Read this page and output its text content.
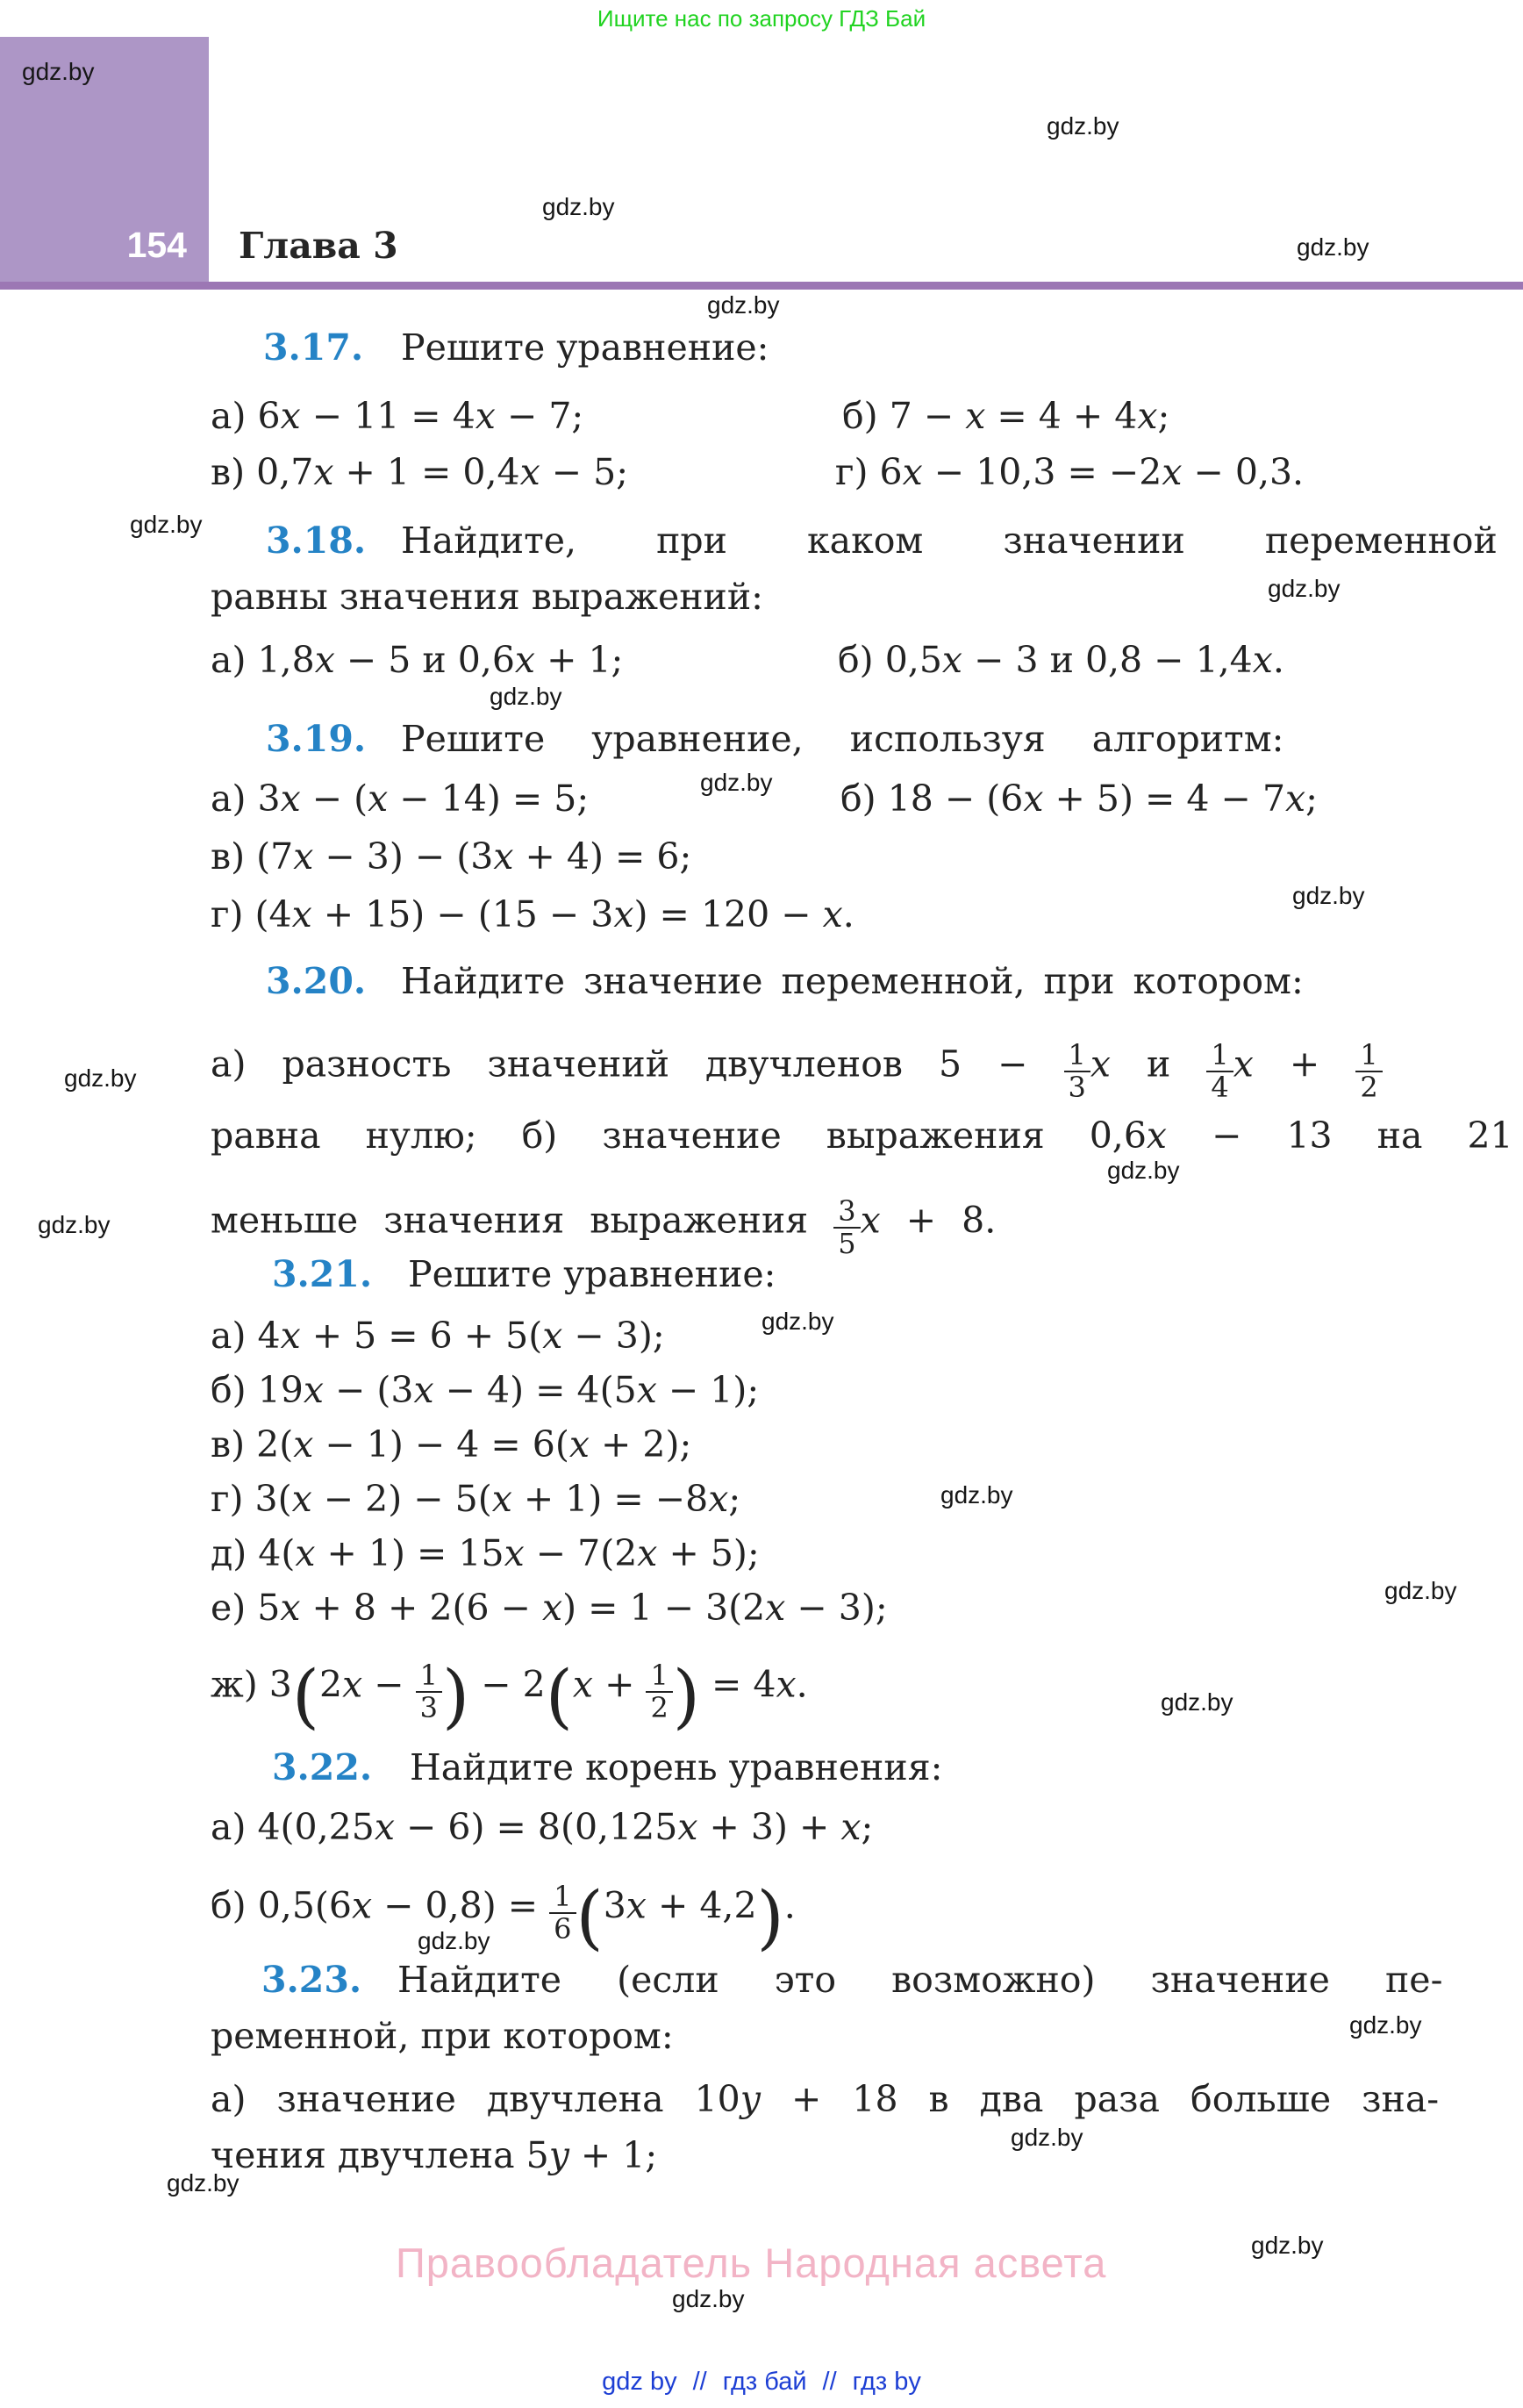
Ищите нас по запросу ГДЗ Бай
154 Глава 3
3.17. Решите уравнение:
а) 6x − 11 = 4x − 7;	б) 7 − x = 4 + 4x;
в) 0,7x + 1 = 0,4x − 5;	г) 6x − 10,3 = −2x − 0,3.
3.18. Найдите, при каком значении переменной
равны значения выражений:
а) 1,8x − 5 и 0,6x + 1;	б) 0,5x − 3 и 0,8 − 1,4x.
3.19. Решите уравнение, используя алгоритм:
а) 3x − (x − 14) = 5;	б) 18 − (6x + 5) = 4 − 7x;
в) (7x − 3) − (3x + 4) = 6;
г) (4x + 15) − (15 − 3x) = 120 − x.
3.20. Найдите значение переменной, при котором:
а) разность значений двучленов $5 - \frac{1}{3}$ x и $\frac{1}{4}$ $x + \frac{1}{2}$
равна нулю; б) значение выражения 0,6x − 13 на 21
меньше значения выражения $\frac{3}{5}$ x + 8.
3.21. Решите уравнение:
а) 4x + 5 = 6 + 5(x − 3);
б) 19x − (3x − 4) = 4(5x − 1);
в) 2(x − 1) − 4 = 6(x + 2);
г) 3(x − 2) − 5(x + 1) = −8x;
д) 4(x + 1) = 15x − 7(2x + 5);
е) 5x + 8 + 2(6 − x) = 1 − 3(2x − 3);
ж) $3(2x - \frac{1}{3}$ ) − $2(x + \frac{1}{2}$ ) = 4x.
3.22. Найдите корень уравнения:
а) 4(0,25x − 6) = 8(0,125x + 3) + x;
б) $0,5(6x - 0,8) = \frac{1}{6} (3x + 4,2)$.
3.23. Найдите (если это возможно) значение пе-
ременной, при котором:
а) значение двучлена 10y + 18 в два раза больше зна-
чения двучлена 5y + 1;
gdz.by
gdz.by
gdz.by
gdz.by
gdz.by
gdz.by
gdz.by
gdz.by
gdz.by
gdz.by
gdz.by
gdz.by
gdz.by
gdz.by
gdz.by
gdz.by
gdz.by
gdz.by
gdz.by
gdz.by
gdz.by
gdz.by
gdz.by
Правообладатель Народная асвета
gdz by // гдз бай // гдз by
